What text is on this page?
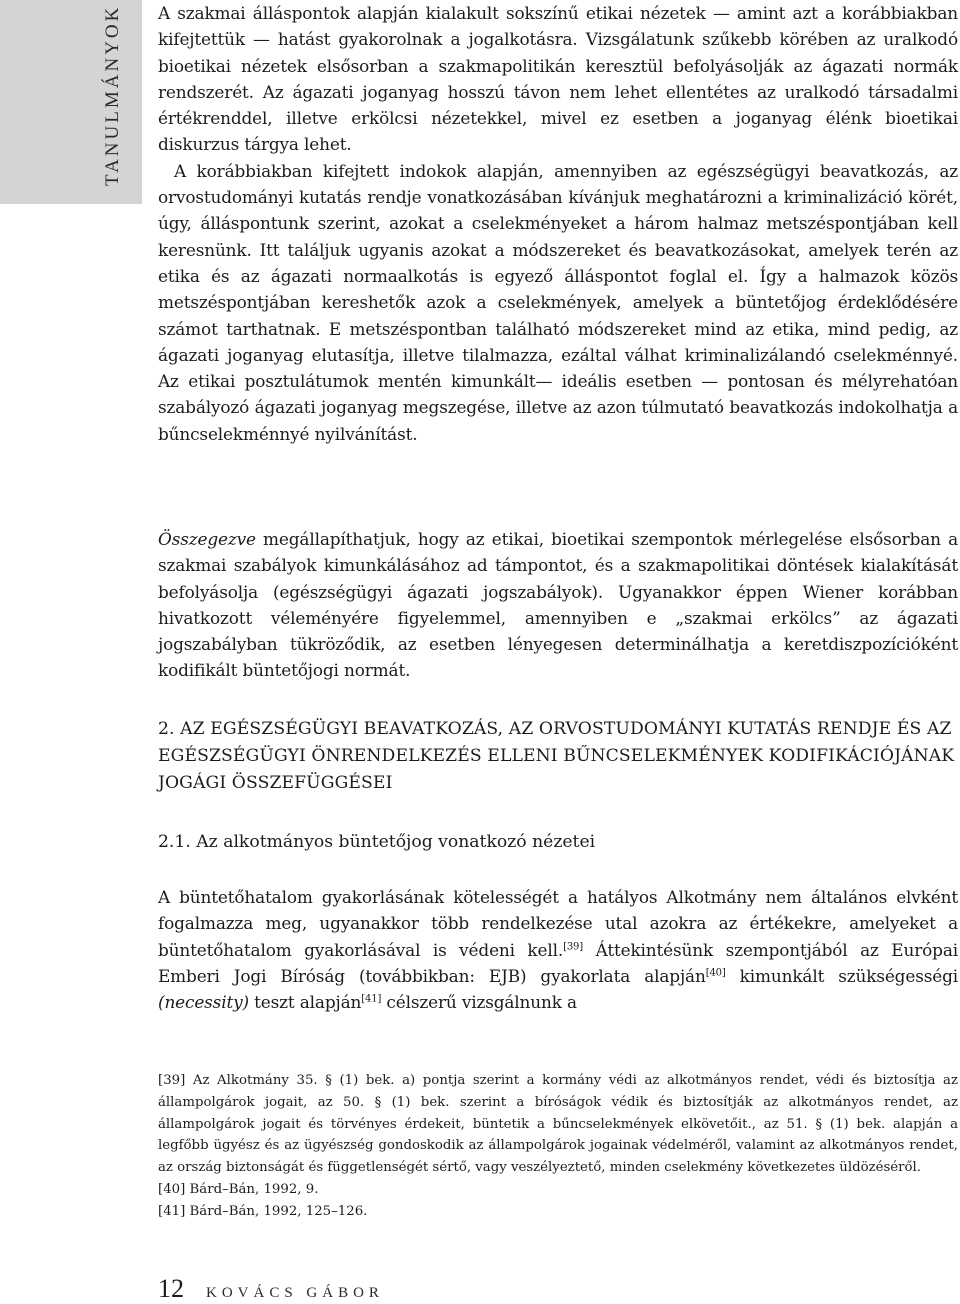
TANULMÁNYOK A szakmai álláspontok alapján kialakult sokszínű etikai nézetek — amint azt a korábbiakban kifejtettük — hatást gyakorolnak a jogalkotásra. Vizsgálatunk szűkebb körében az uralkodó bioetikai nézetek elsősorban a szakmapolitikán keresztül befolyásolják az ágazati normák rendszerét. Az ágazati joganyag hosszú távon nem lehet ellentétes az uralkodó társadalmi értékrenddel, illetve erkölcsi nézetekkel, mivel ez esetben a joganyag élénk bioetikai diskurzus tárgya lehet.

A korábbiakban kifejtett indokok alapján, amennyiben az egészségügyi beavatkozás, az orvostudományi kutatás rendje vonatkozásában kívánjuk meghatározni a kriminalizáció körét, úgy, álláspontunk szerint, azokat a cselekményeket a három halmaz metszéspontjában kell keresnünk. Itt találjuk ugyanis azokat a módszereket és beavatkozásokat, amelyek terén az etika és az ágazati normaalkotás is egyező álláspontot foglal el. Így a halmazok közös metszéspontjában kereshetők azok a cselekmények, amelyek a büntetőjog érdeklődésére számot tarthatnak. E metszéspontban található módszereket mind az etika, mind pedig, az ágazati joganyag elutasítja, illetve tilalmazza, ezáltal válhat kriminalizálandó cselekménnyé. Az etikai posztulátumok mentén kimunkált— ideális esetben — pontosan és mélyrehatóan szabályozó ágazati joganyag megszegése, illetve az azon túlmutató beavatkozás indokolhatja a bűncselekménnyé nyilvánítást.

Összegezve megállapíthatjuk, hogy az etikai, bioetikai szempontok mérlegelése elsősorban a szakmai szabályok kimunkálásához ad támpontot, és a szakmapolitikai döntések kialakítását befolyásolja (egészségügyi ágazati jogszabályok). Ugyanakkor éppen Wiener korábban hivatkozott véleményére figyelemmel, amennyiben e „szakmai erkölcs” az ágazati jogszabályban tükröződik, az esetben lényegesen determinálhatja a keretdiszpozícióként kodifikált büntetőjogi normát.

2. AZ EGÉSZSÉGÜGYI BEAVATKOZÁS, AZ ORVOSTUDOMÁNYI KUTATÁS RENDJE ÉS AZ EGÉSZSÉGÜGYI ÖNRENDELKEZÉS ELLENI BŰNCSELEKMÉNYEK KODIFIKÁCIÓJÁNAK JOGÁGI ÖSSZEFÜGGÉSEI

2.1. Az alkotmányos büntetőjog vonatkozó nézetei

A büntetőhatalom gyakorlásának kötelességét a hatályos Alkotmány nem általános elvként fogalmazza meg, ugyanakkor több rendelkezése utal azokra az értékekre, amelyeket a büntetőhatalom gyakorlásával is védeni kell.[39] Áttekintésünk szempontjából az Európai Emberi Jogi Bíróság (továbbikban: EJB) gyakorlata alapján[40] kimunkált szükségességi (necessity) teszt alapján[41] célszerű vizsgálnunk a

[39] Az Alkotmány 35. § (1) bek. a) pontja szerint a kormány védi az alkotmányos rendet, védi és biztosítja az állampolgárok jogait, az 50. § (1) bek. szerint a bíróságok védik és biztosítják az alkotmányos rendet, az állampolgárok jogait és törvényes érdekeit, büntetik a bűncselekmények elkövetőit., az 51. § (1) bek. alapján a legfőbb ügyész és az ügyészség gondoskodik az állampolgárok jogainak védelméről, valamint az alkotmányos rendet, az ország biztonságát és függetlenségét sértő, vagy veszélyeztető, minden cselekmény következetes üldözéséről.

[40] Bárd–Bán, 1992, 9.

[41] Bárd–Bán, 1992, 125–126.

12 KOVÁCS GÁBOR
